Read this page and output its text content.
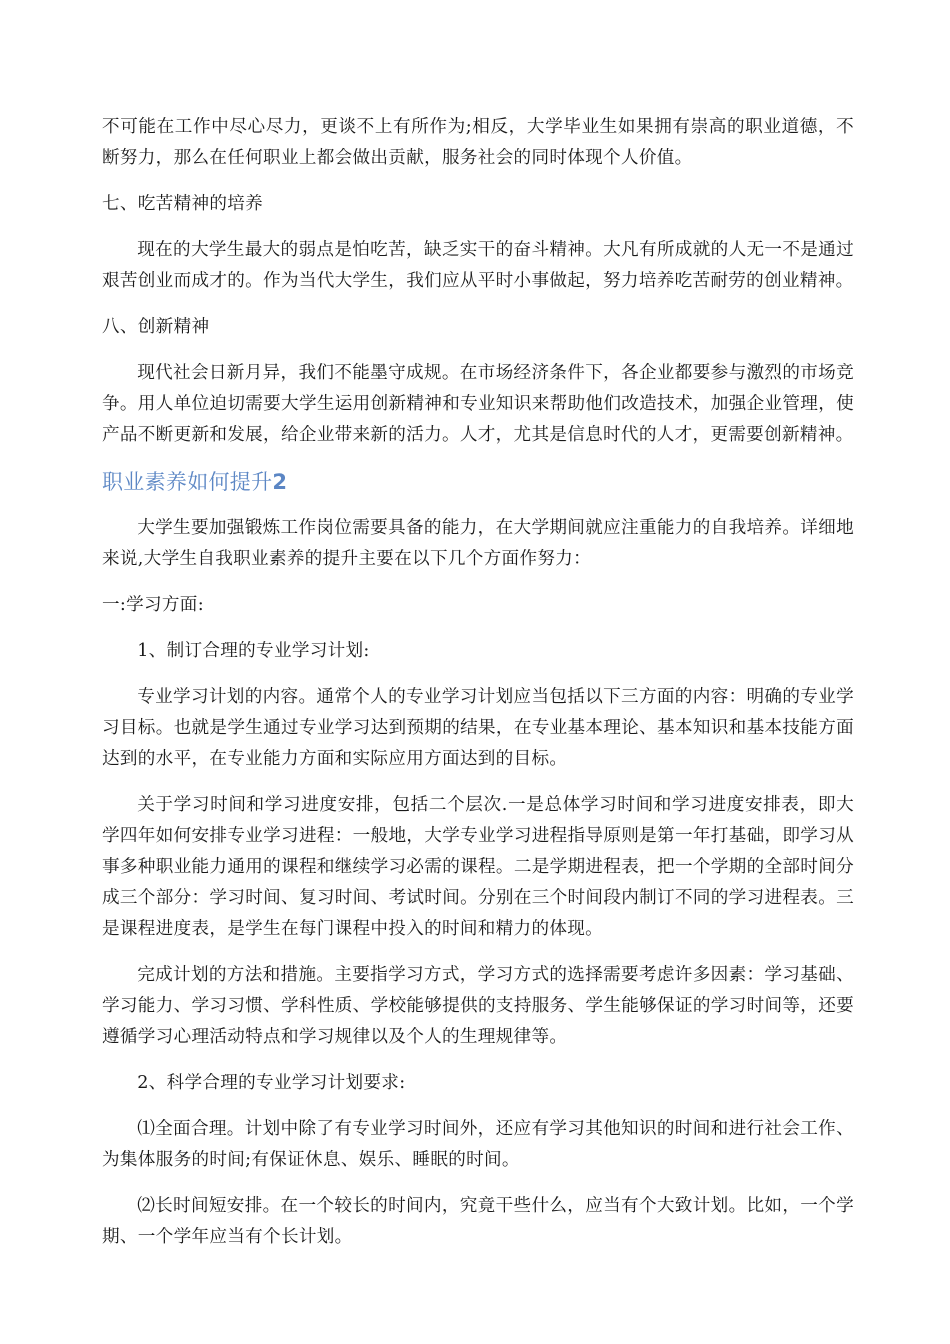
不可能在工作中尽心尽力，更谈不上有所作为;相反，大学毕业生如果拥有崇高的职业道德，不断努力，那么在任何职业上都会做出贡献，服务社会的同时体现个人价值。

七、吃苦精神的培养

现在的大学生最大的弱点是怕吃苦，缺乏实干的奋斗精神。大凡有所成就的人无一不是通过艰苦创业而成才的。作为当代大学生，我们应从平时小事做起，努力培养吃苦耐劳的创业精神。

八、创新精神

现代社会日新月异，我们不能墨守成规。在市场经济条件下，各企业都要参与激烈的市场竞争。用人单位迫切需要大学生运用创新精神和专业知识来帮助他们改造技术，加强企业管理，使产品不断更新和发展，给企业带来新的活力。人才，尤其是信息时代的人才，更需要创新精神。

职业素养如何提升2

大学生要加强锻炼工作岗位需要具备的能力，在大学期间就应注重能力的自我培养。详细地来说,大学生自我职业素养的提升主要在以下几个方面作努力：

一:学习方面:

1、制订合理的专业学习计划:

专业学习计划的内容。通常个人的专业学习计划应当包括以下三方面的内容：明确的专业学习目标。也就是学生通过专业学习达到预期的结果，在专业基本理论、基本知识和基本技能方面达到的水平，在专业能力方面和实际应用方面达到的目标。

关于学习时间和学习进度安排，包括二个层次.一是总体学习时间和学习进度安排表，即大学四年如何安排专业学习进程：一般地，大学专业学习进程指导原则是第一年打基础，即学习从事多种职业能力通用的课程和继续学习必需的课程。二是学期进程表，把一个学期的全部时间分成三个部分：学习时间、复习时间、考试时间。分别在三个时间段内制订不同的学习进程表。三是课程进度表，是学生在每门课程中投入的时间和精力的体现。

完成计划的方法和措施。主要指学习方式，学习方式的选择需要考虑许多因素：学习基础、学习能力、学习习惯、学科性质、学校能够提供的支持服务、学生能够保证的学习时间等，还要遵循学习心理活动特点和学习规律以及个人的生理规律等。

2、科学合理的专业学习计划要求:

⑴全面合理。计划中除了有专业学习时间外，还应有学习其他知识的时间和进行社会工作、为集体服务的时间;有保证休息、娱乐、睡眠的时间。

⑵长时间短安排。在一个较长的时间内，究竟干些什么，应当有个大致计划。比如，一个学期、一个学年应当有个长计划。
